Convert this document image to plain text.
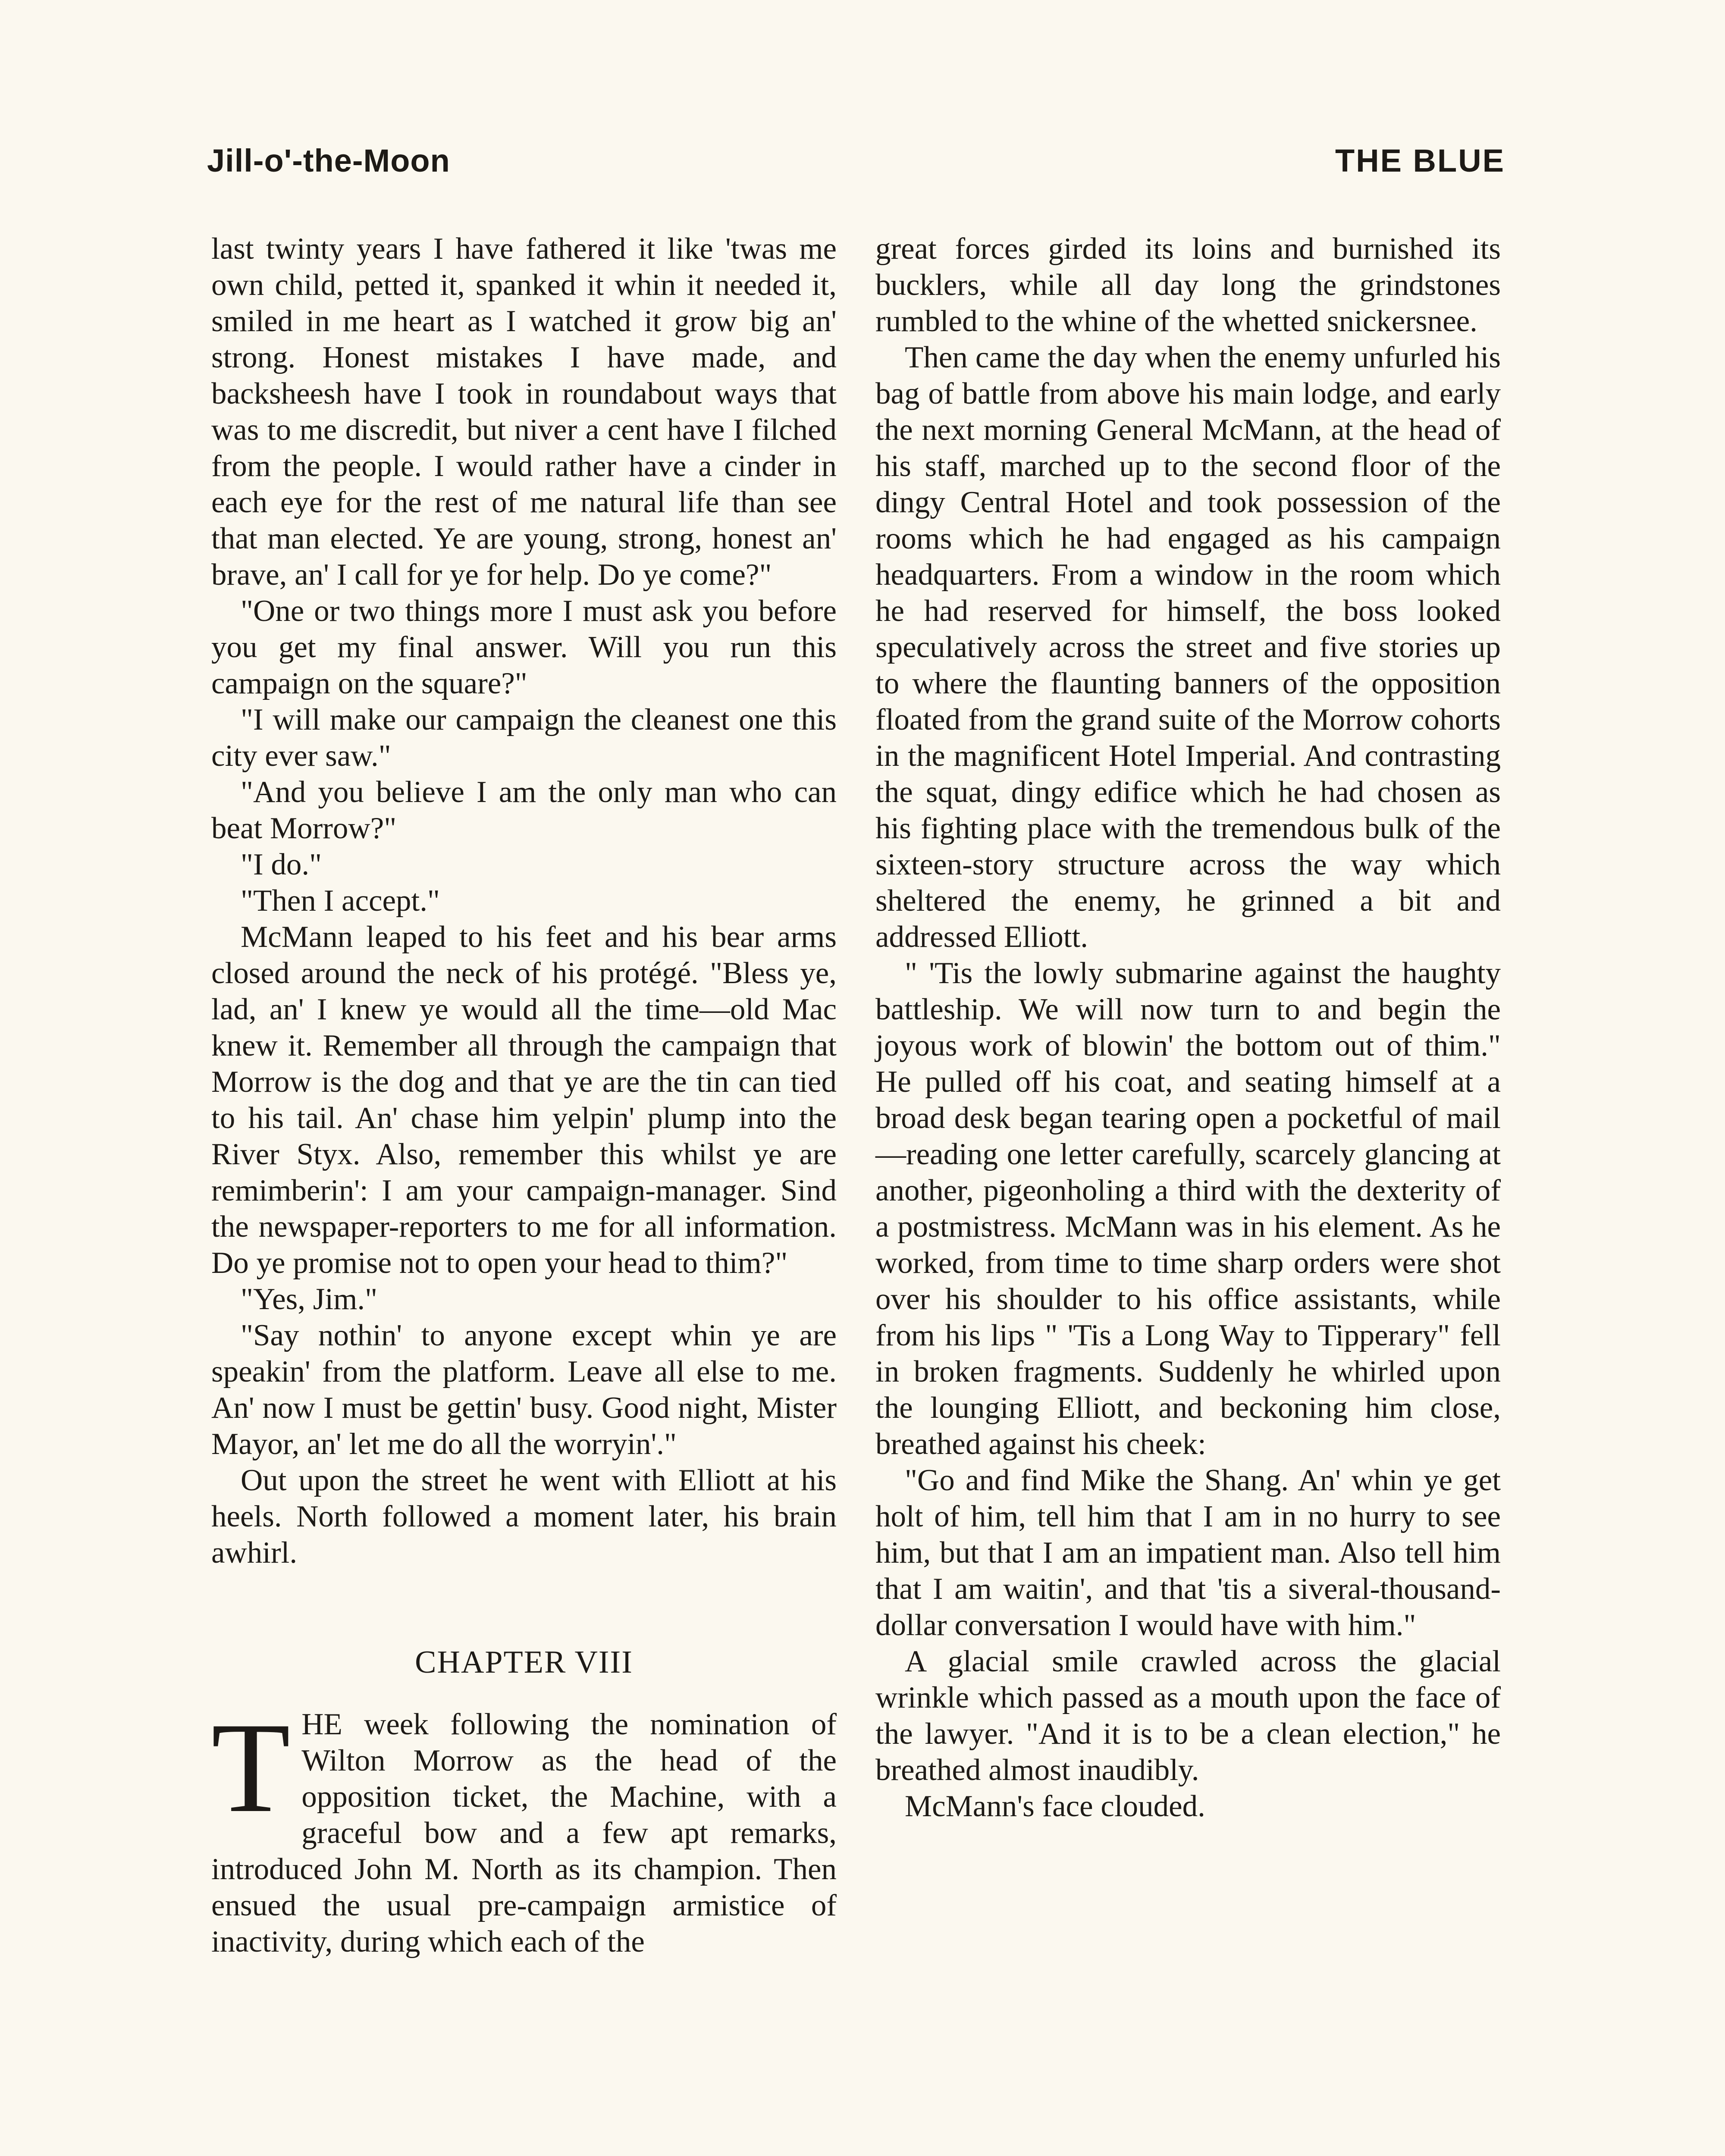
Jill-o'-the-Moon	THE BLUE

last twinty years I have fathered it like 'twas me own child, petted it, spanked it whin it needed it, smiled in me heart as I watched it grow big an' strong. Honest mistakes I have made, and backsheesh have I took in roundabout ways that was to me discredit, but niver a cent have I filched from the people. I would rather have a cinder in each eye for the rest of me natural life than see that man elected. Ye are young, strong, honest an' brave, an' I call for ye for help. Do ye come?"

"One or two things more I must ask you before you get my final answer. Will you run this campaign on the square?"

"I will make our campaign the cleanest one this city ever saw."

"And you believe I am the only man who can beat Morrow?"

"I do."

"Then I accept."

McMann leaped to his feet and his bear arms closed around the neck of his protégé. "Bless ye, lad, an' I knew ye would all the time—old Mac knew it. Remember all through the campaign that Morrow is the dog and that ye are the tin can tied to his tail. An' chase him yelpin' plump into the River Styx. Also, remember this whilst ye are remimberin': I am your campaign-manager. Sind the newspaper-reporters to me for all information. Do ye promise not to open your head to thim?"

"Yes, Jim."

"Say nothin' to anyone except whin ye are speakin' from the platform. Leave all else to me. An' now I must be gettin' busy. Good night, Mister Mayor, an' let me do all the worryin'."

Out upon the street he went with Elliott at his heels. North followed a moment later, his brain awhirl.

CHAPTER VIII

THE week following the nomination of Wilton Morrow as the head of the opposition ticket, the Machine, with a graceful bow and a few apt remarks, introduced John M. North as its champion. Then ensued the usual pre-campaign armistice of inactivity, during which each of the

great forces girded its loins and burnished its bucklers, while all day long the grindstones rumbled to the whine of the whetted snickersnee.

Then came the day when the enemy unfurled his bag of battle from above his main lodge, and early the next morning General McMann, at the head of his staff, marched up to the second floor of the dingy Central Hotel and took possession of the rooms which he had engaged as his campaign headquarters. From a window in the room which he had reserved for himself, the boss looked speculatively across the street and five stories up to where the flaunting banners of the opposition floated from the grand suite of the Morrow cohorts in the magnificent Hotel Imperial. And contrasting the squat, dingy edifice which he had chosen as his fighting place with the tremendous bulk of the sixteen-story structure across the way which sheltered the enemy, he grinned a bit and addressed Elliott.

" 'Tis the lowly submarine against the haughty battleship. We will now turn to and begin the joyous work of blowin' the bottom out of thim." He pulled off his coat, and seating himself at a broad desk began tearing open a pocketful of mail—reading one letter carefully, scarcely glancing at another, pigeonholing a third with the dexterity of a postmistress. McMann was in his element. As he worked, from time to time sharp orders were shot over his shoulder to his office assistants, while from his lips " 'Tis a Long Way to Tipperary" fell in broken fragments. Suddenly he whirled upon the lounging Elliott, and beckoning him close, breathed against his cheek:

"Go and find Mike the Shang. An' whin ye get holt of him, tell him that I am in no hurry to see him, but that I am an impatient man. Also tell him that I am waitin', and that 'tis a siveral-thousand-dollar conversation I would have with him."

A glacial smile crawled across the glacial wrinkle which passed as a mouth upon the face of the lawyer. "And it is to be a clean election," he breathed almost inaudibly.

McMann's face clouded.
